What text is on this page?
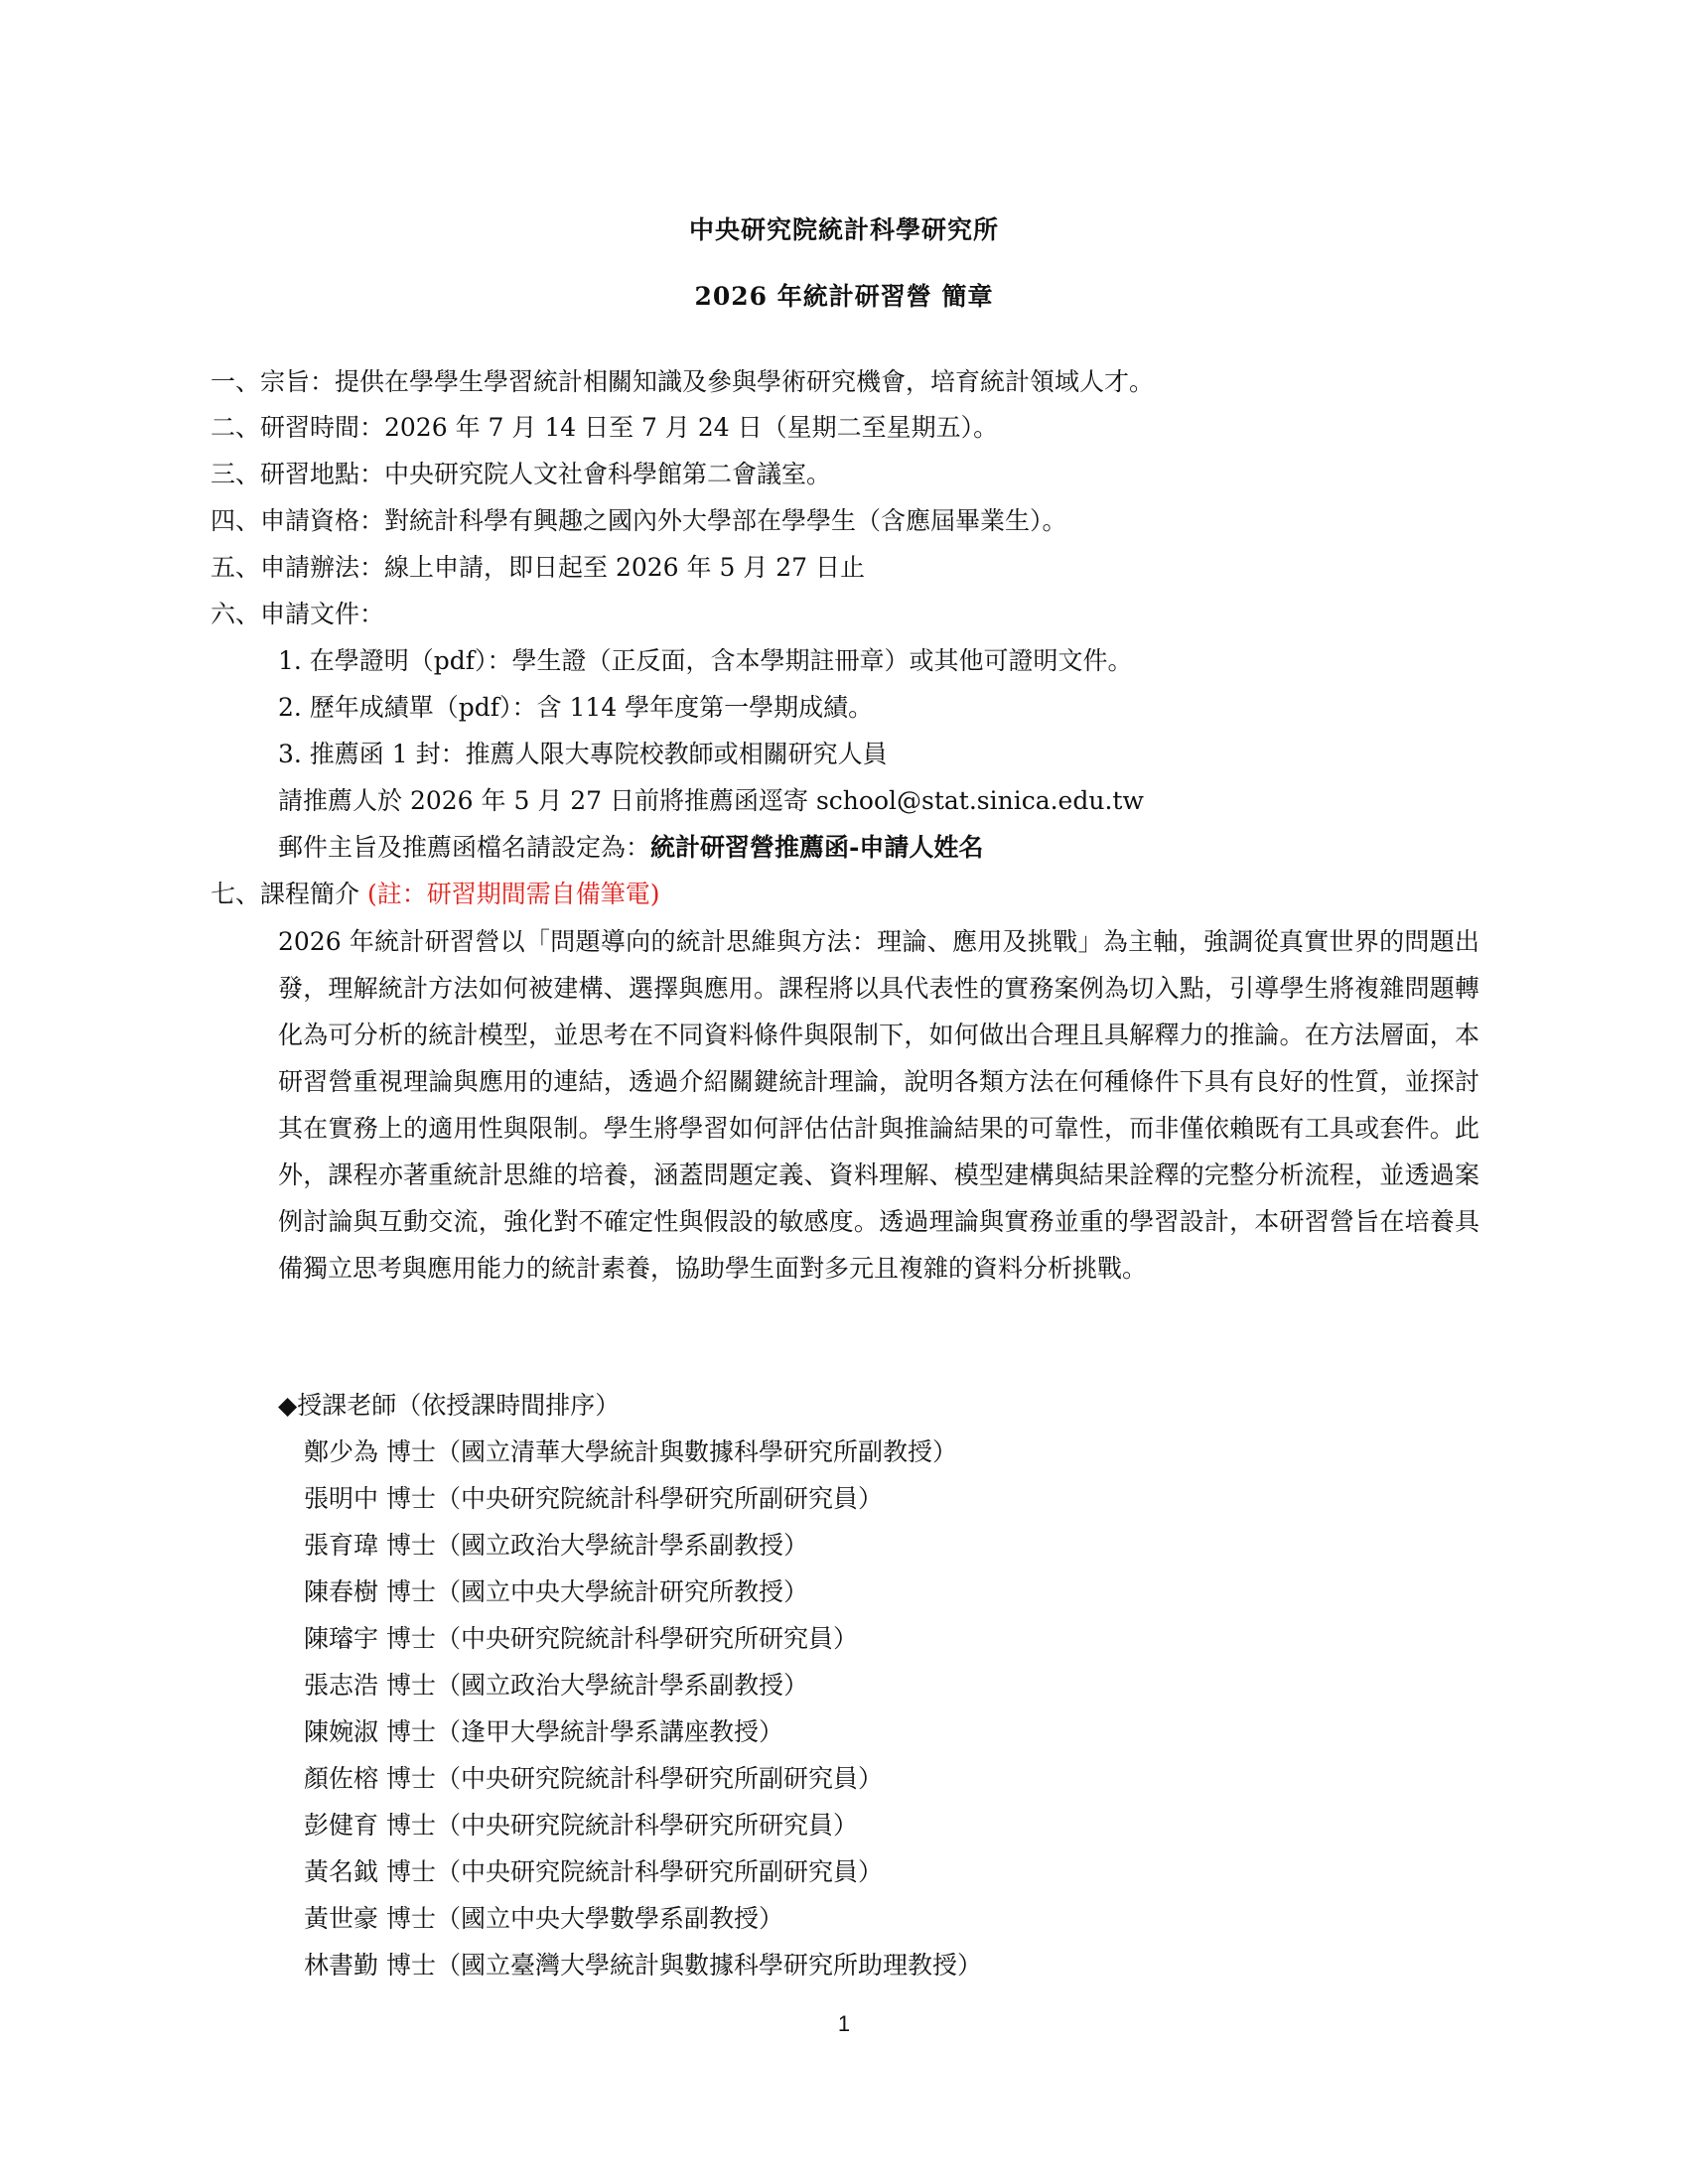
中央研究院統計科學研究所
2026 年統計研習營 簡章
一、宗旨：提供在學學生學習統計相關知識及參與學術研究機會，培育統計領域人才。
二、研習時間：2026 年 7 月 14 日至 7 月 24 日（星期二至星期五）。
三、研習地點：中央研究院人文社會科學館第二會議室。
四、申請資格：對統計科學有興趣之國內外大學部在學學生（含應屆畢業生）。
五、申請辦法：線上申請，即日起至 2026 年 5 月 27 日止
六、申請文件：
1. 在學證明（pdf）：學生證（正反面，含本學期註冊章）或其他可證明文件。
2. 歷年成績單（pdf）：含 114 學年度第一學期成績。
3. 推薦函 1 封：推薦人限大專院校教師或相關研究人員
請推薦人於 2026 年 5 月 27 日前將推薦函逕寄 school@stat.sinica.edu.tw
郵件主旨及推薦函檔名請設定為：統計研習營推薦函-申請人姓名
七、課程簡介 (註：研習期間需自備筆電)
2026 年統計研習營以「問題導向的統計思維與方法：理論、應用及挑戰」為主軸，強調從真實世界的問題出發，理解統計方法如何被建構、選擇與應用。課程將以具代表性的實務案例為切入點，引導學生將複雜問題轉化為可分析的統計模型，並思考在不同資料條件與限制下，如何做出合理且具解釋力的推論。在方法層面，本研習營重視理論與應用的連結，透過介紹關鍵統計理論，說明各類方法在何種條件下具有良好的性質，並探討其在實務上的適用性與限制。學生將學習如何評估估計與推論結果的可靠性，而非僅依賴既有工具或套件。此外，課程亦著重統計思維的培養，涵蓋問題定義、資料理解、模型建構與結果詮釋的完整分析流程，並透過案例討論與互動交流，強化對不確定性與假設的敏感度。透過理論與實務並重的學習設計，本研習營旨在培養具備獨立思考與應用能力的統計素養，協助學生面對多元且複雜的資料分析挑戰。
◆授課老師（依授課時間排序）
鄭少為 博士（國立清華大學統計與數據科學研究所副教授）
張明中 博士（中央研究院統計科學研究所副研究員）
張育瑋 博士（國立政治大學統計學系副教授）
陳春樹 博士（國立中央大學統計研究所教授）
陳璿宇 博士（中央研究院統計科學研究所研究員）
張志浩 博士（國立政治大學統計學系副教授）
陳婉淑 博士（逢甲大學統計學系講座教授）
顏佐榕 博士（中央研究院統計科學研究所副研究員）
彭健育 博士（中央研究院統計科學研究所研究員）
黃名鉞 博士（中央研究院統計科學研究所副研究員）
黃世豪 博士（國立中央大學數學系副教授）
林書勤 博士（國立臺灣大學統計與數據科學研究所助理教授）
1
